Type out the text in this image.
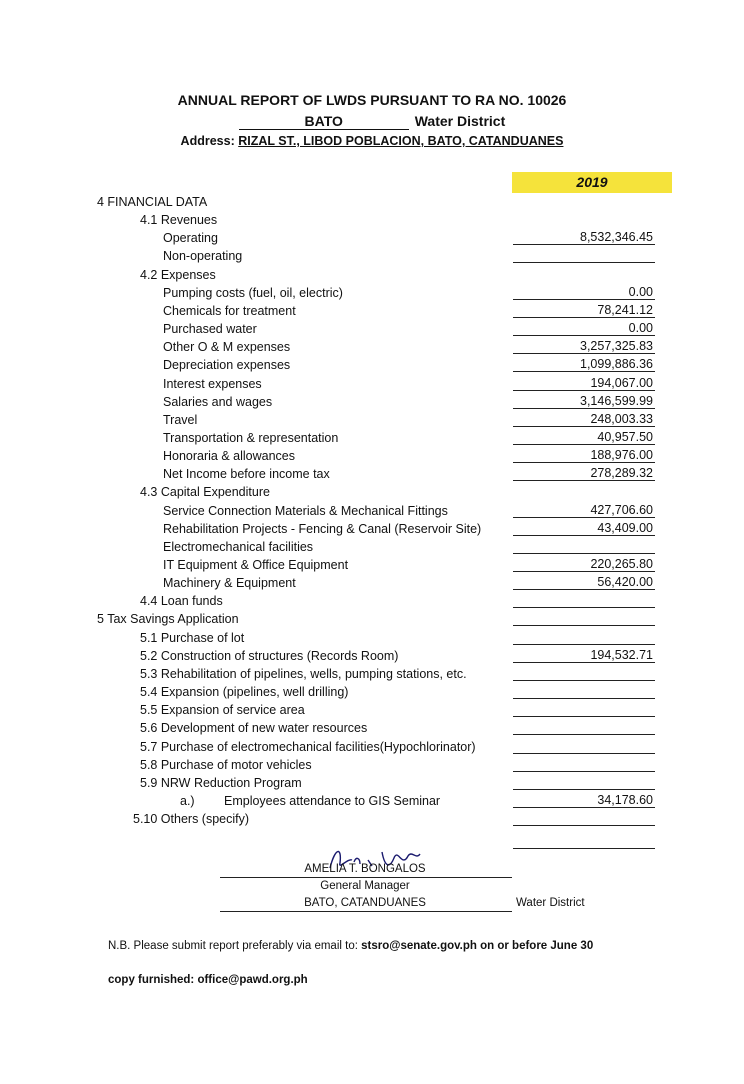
ANNUAL REPORT OF LWDS PURSUANT TO RA NO. 10026
BATO	Water District
Address: RIZAL ST., LIBOD POBLACION, BATO, CATANDUANES
2019
4 FINANCIAL DATA
4.1 Revenues
Operating	8,532,346.45
Non-operating
4.2 Expenses
Pumping costs (fuel, oil, electric)	0.00
Chemicals for treatment	78,241.12
Purchased water	0.00
Other O & M expenses	3,257,325.83
Depreciation expenses	1,099,886.36
Interest expenses	194,067.00
Salaries and wages	3,146,599.99
Travel	248,003.33
Transportation & representation	40,957.50
Honoraria & allowances	188,976.00
Net Income before income tax	278,289.32
4.3 Capital Expenditure
Service Connection Materials & Mechanical Fittings	427,706.60
Rehabilitation Projects - Fencing & Canal (Reservoir Site)	43,409.00
Electromechanical facilities
IT Equipment & Office Equipment	220,265.80
Machinery & Equipment	56,420.00
4.4 Loan funds
5 Tax Savings Application
5.1 Purchase of lot
5.2 Construction of structures (Records Room)	194,532.71
5.3 Rehabilitation of pipelines, wells, pumping stations, etc.
5.4 Expansion (pipelines, well drilling)
5.5 Expansion of service area
5.6 Development of new water resources
5.7 Purchase of electromechanical facilities(Hypochlorinator)
5.8 Purchase of motor vehicles
5.9 NRW Reduction Program
a.) Employees attendance to GIS Seminar	34,178.60
5.10 Others (specify)
AMELIA T. BONGALOS
General Manager
BATO, CATANDUANES	Water District
N.B. Please submit report preferably via email to: stsro@senate.gov.ph on or before June 30
copy furnished: office@pawd.org.ph
